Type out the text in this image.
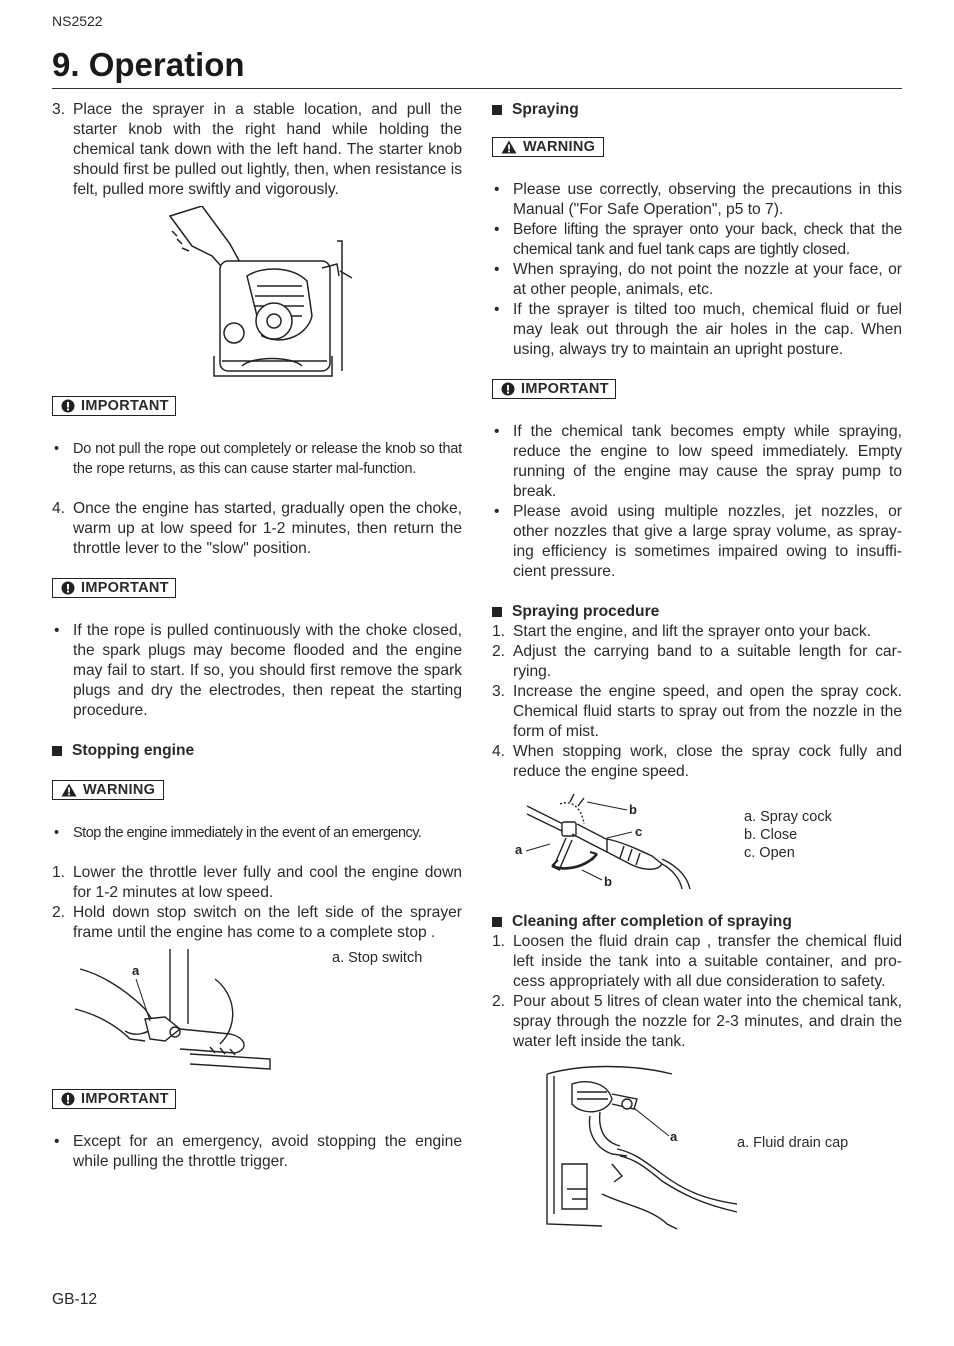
NS2522
9. Operation
3. Place the sprayer in a stable location, and pull the starter knob with the right hand while holding the chemical tank down with the left hand. The starter knob should first be pulled out lightly, then, when resistance is felt, pulled more swiftly and vigorously.
IMPORTANT
• Do not pull the rope out completely or release the knob so that the rope returns, as this can cause starter mal-function.
4. Once the engine has started, gradually open the choke, warm up at low speed for 1-2 minutes, then return the throttle lever to the "slow" position.
IMPORTANT
• If the rope is pulled continuously with the choke closed, the spark plugs may become flooded and the engine may fail to start. If so, you should first remove the spark plugs and dry the electrodes, then repeat the starting procedure.
Stopping engine
WARNING
• Stop the engine immediately in the event of an emergency.
1. Lower the throttle lever fully and cool the engine down for 1-2 minutes at low speed.
2. Hold down stop switch on the left side of the sprayer frame until the engine has come to a complete stop .
a
a. Stop switch
IMPORTANT
• Except for an emergency, avoid stopping the engine while pulling the throttle trigger.
Spraying
WARNING
• Please use correctly, observing the precautions in this Manual ("For Safe Operation", p5 to 7).
• Before lifting the sprayer onto your back, check that the chemical tank and fuel tank caps are tightly closed.
• When spraying, do not point the nozzle at your face, or at other people, animals, etc.
• If the sprayer is tilted too much, chemical fluid or fuel may leak out through the air holes in the cap. When using, always try to maintain an upright posture.
IMPORTANT
• If the chemical tank becomes empty while spraying, reduce the engine to low speed immediately. Empty running of the engine may cause the spray pump to break.
• Please avoid using multiple nozzles, jet nozzles, or other nozzles that give a large spray volume, as spray-ing efficiency is sometimes impaired owing to insuffi-cient pressure.
Spraying procedure
1. Start the engine, and lift the sprayer onto your back.
2. Adjust the carrying band to a suitable length for car-rying.
3. Increase the engine speed, and open the spray cock. Chemical fluid starts to spray out from the nozzle in the form of mist.
4. When stopping work, close the spray cock fully and reduce the engine speed.
a
b
c
b
a. Spray cock
b. Close
c. Open
Cleaning after completion of spraying
1. Loosen the fluid drain cap , transfer the chemical fluid left inside the tank into a suitable container, and pro-cess appropriately with all due consideration to safety.
2. Pour about 5 litres of clean water into the chemical tank, spray through the nozzle for 2-3 minutes, and drain the water left inside the tank.
a	a. Fluid drain cap
GB-12
